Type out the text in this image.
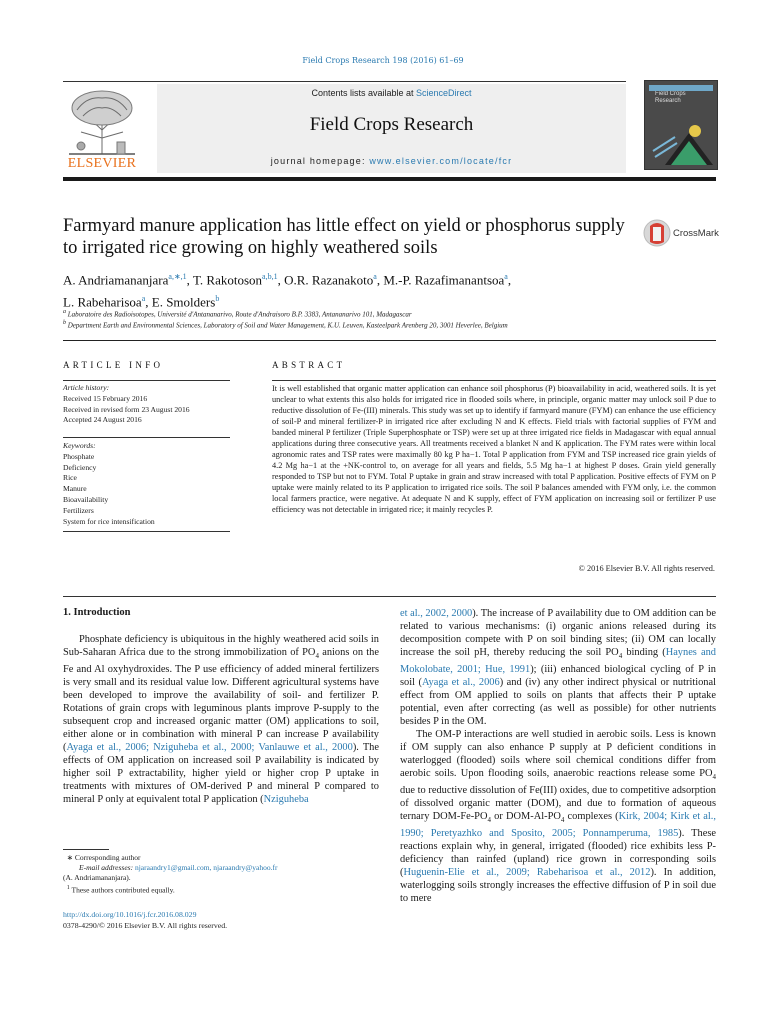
Field Crops Research 198 (2016) 61–69
ELSEVIER
Contents lists available at ScienceDirect
Field Crops Research
journal homepage: www.elsevier.com/locate/fcr
Field Crops Research
Farmyard manure application has little effect on yield or phosphorus supply to irrigated rice growing on highly weathered soils
CrossMark
A. Andriamananjara$^{a,∗,1}$, T. Rakotoson$^{a,b,1}$, O.R. Razanakoto$^a$, M.-P. Razafimanantsoa$^a$,
L. Rabeharisoa$^a$, E. Smolders$^b$
$^a$ Laboratoire des Radioisotopes, Université d'Antananarivo, Route d'Andraisoro B.P. 3383, Antananarivo 101, Madagascar
$^b$ Department Earth and Environmental Sciences, Laboratory of Soil and Water Management, K.U. Leuven, Kasteelpark Arenberg 20, 3001 Heverlee, Belgium
ARTICLE INFO	ABSTRACT
Article history:
Received 15 February 2016
Received in revised form 23 August 2016
Accepted 24 August 2016
Keywords:
Phosphate
Deficiency
Rice
Manure
Bioavailability
Fertilizers
System for rice intensification
It is well established that organic matter application can enhance soil phosphorus (P) bioavailability in acid, weathered soils. It is yet unclear to what extents this also holds for irrigated rice in flooded soils where, in principle, organic matter may unlock soil P due to reductive dissolution of Fe-(III) minerals. This study was set up to identify if farmyard manure (FYM) can enhance the use efficiency of soil-P and mineral fertilizer-P in irrigated rice after excluding N and K effects. Field trials with factorial supplies of FYM and banded mineral P fertilizer (Triple Superphosphate or TSP) were set up at three irrigated rice fields in Madagascar with equal annual applications during three consecutive years. All treatments received a blanket N and K application. The FYM rates were within local agronomic rates and TSP rates were maximally 80 kg P ha−1. Total P application from FYM and TSP increased rice grain yields of 4.2 Mg ha−1 at the +NK-control to, on average for all years and fields, 5.5 Mg ha−1 at highest P doses. Grain yield generally responded to TSP but not to FYM. Total P uptake in grain and straw increased with total P application. Positive effects of FYM on P uptake were mainly related to its P application to irrigated rice soils. The soil P balances amended with FYM only, i.e. the common local farmers practice, were negative. At adequate N and K supply, effect of FYM application on increasing soil or fertilizer P use efficiency was not detectable in irrigated rice; it mainly recycles P.
© 2016 Elsevier B.V. All rights reserved.
1. Introduction
Phosphate deficiency is ubiquitous in the highly weathered acid soils in Sub-Saharan Africa due to the strong immobilization of $PO_4$ anions on the Fe and Al oxyhydroxides. The P use efficiency of added mineral fertilizers is very small and its residual value low. Different agricultural systems have been developed to improve the availability of soil- and fertilizer P. Rotations of grain crops with leguminous plants improve P-supply to the subsequent crop and increased organic matter (OM) applications to soil, either alone or in combination with mineral P can increase P availability (Ayaga et al., 2006; Nziguheba et al., 2000; Vanlauwe et al., 2000). The effects of OM application on increased soil P availability is indicated by higher soil P extractability, higher yield or higher crop P uptake in treatments with mixtures of OM-derived P and mineral P compared to mineral P only at equivalent total P application (Nziguheba

et al., 2002, 2000). The increase of P availability due to OM addition can be related to various mechanisms: (i) organic anions released during its decomposition compete with P on soil binding sites; (ii) OM can locally increase the soil pH, thereby reducing the soil $PO_4$ binding (Haynes and Mokolobate, 2001; Hue, 1991); (iii) enhanced biological cycling of P in soil (Ayaga et al., 2006) and (iv) any other indirect physical or nutritional effect from OM applied to soils on plants that affects their P uptake potential, even after correcting (as well as possible) for other nutrients besides P in the OM.

The OM-P interactions are well studied in aerobic soils. Less is known if OM supply can also enhance P supply at P deficient conditions in waterlogged (flooded) soils where soil chemical conditions differ from aerobic soils. Upon flooding soils, anaerobic reactions release some $PO_4$ due to reductive dissolution of Fe(III) oxides, due to competitive adsorption of dissolved organic matter (DOM), and due to formation of aqueous ternary DOM-$Fe-PO_4$ or DOM-$Al-PO_4$ complexes (Kirk, 2004; Kirk et al., 1990; Peretyazhko and Sposito, 2005; Ponnamperuma, 1985). These reactions explain why, in general, irrigated (flooded) rice exhibits less P-deficiency than rainfed (upland) rice grown in corresponding soils (Huguenin-Elie et al., 2009; Rabeharisoa et al., 2012). In addition, waterlogging soils strongly increases the effective diffusion of P in soil due to mere

∗ Corresponding author
E-mail addresses: njaraandry1@gmail.com, njaraandry@yahoo.fr
(A. Andriamananjara).
$^1$ These authors contributed equally.
http://dx.doi.org/10.1016/j.fcr.2016.08.029
0378-4290/© 2016 Elsevier B.V. All rights reserved.
